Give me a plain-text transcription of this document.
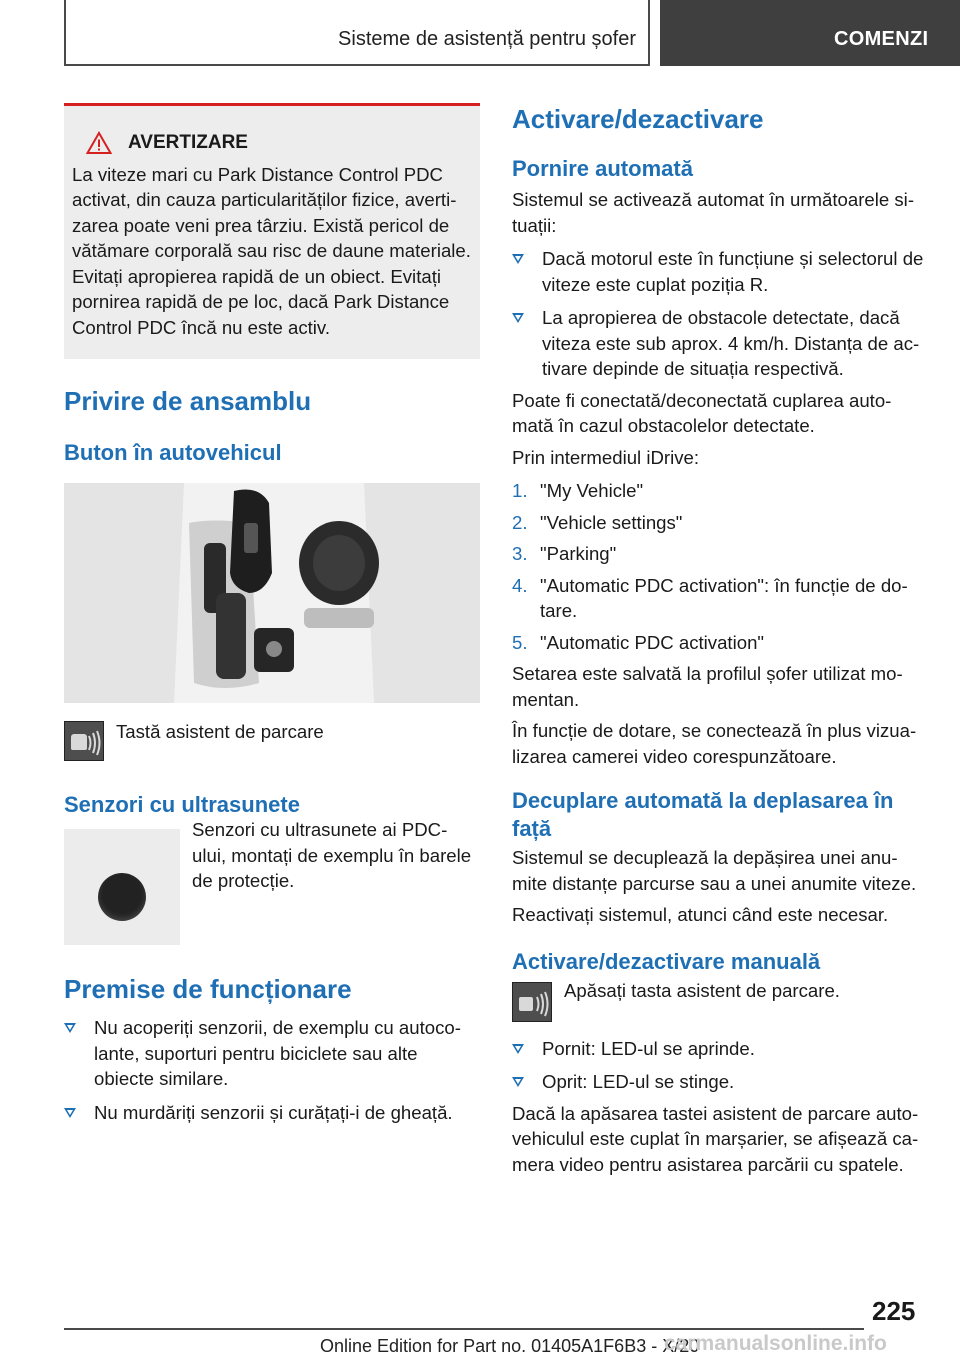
Sisteme de asistență pentru șofer	COMENZI
AVERTIZARE

La viteze mari cu Park Distance Control PDC activat, din cauza particularităților fizice, averti-zarea poate veni prea târziu. Există pericol de vătămare corporală sau risc de daune materiale. Evitați apropierea rapidă de un obiect. Evitați pornirea rapidă de pe loc, dacă Park Distance Control PDC încă nu este activ.

Privire de ansamblu
Buton în autovehicul

Tastă asistent de parcare

Senzori cu ultrasunete

Senzori cu ultrasunete ai PDC-ului, montați de exemplu în barele de protecție.

Premise de funcționare
Nu acoperiți senzorii, de exemplu cu autoco-lante, suporturi pentru biciclete sau alte obiecte similare.
Nu murdăriți senzorii și curățați-i de gheață.
Activare/dezactivare
Pornire automată

Sistemul se activează automat în următoarele si-tuații:

Dacă motorul este în funcțiune și selectorul de viteze este cuplat poziția R.
La apropierea de obstacole detectate, dacă viteza este sub aprox. 4 km/h. Distanța de ac-tivare depinde de situația respectivă.

Poate fi conectată/deconectată cuplarea auto-mată în cazul obstacolelor detectate.

Prin intermediul iDrive:

1. "My Vehicle"
2. "Vehicle settings"
3. "Parking"
4. "Automatic PDC activation": în funcție de do-tare.
5. "Automatic PDC activation"

Setarea este salvată la profilul șofer utilizat mo-mentan.

În funcție de dotare, se conectează în plus vizua-lizarea camerei video corespunzătoare.

Decuplare automată la deplasarea în față

Sistemul se decuplează la depășirea unei anu-mite distanțe parcurse sau a unei anumite viteze.

Reactivați sistemul, atunci când este necesar.

Activare/dezactivare manuală

Apăsați tasta asistent de parcare.

Pornit: LED-ul se aprinde.
Oprit: LED-ul se stinge.

Dacă la apăsarea tastei asistent de parcare auto-vehiculul este cuplat în marșarier, se afișează ca-mera video pentru asistarea parcării cu spatele.

225
Online Edition for Part no. 01405A1F6B3 - X/20
carmanualsonline.info
